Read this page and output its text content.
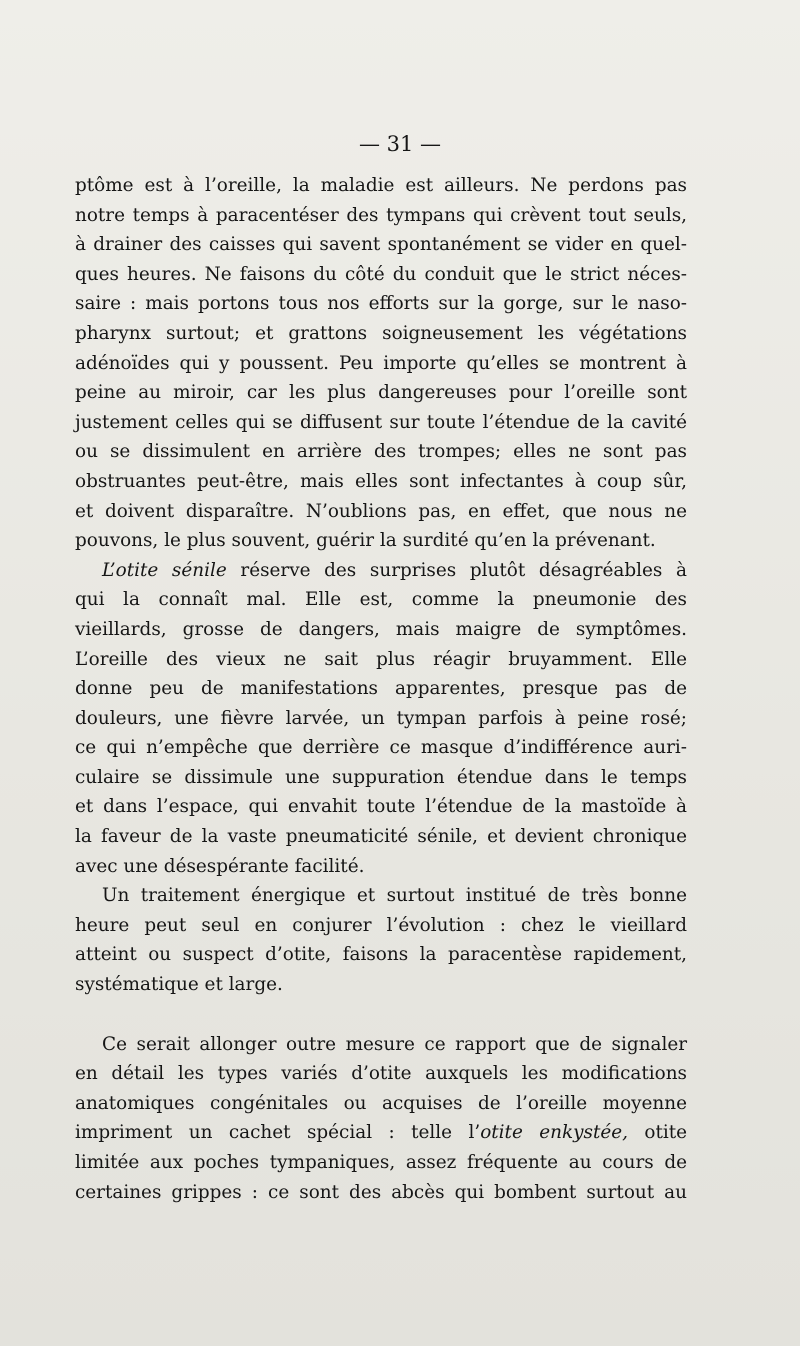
— 31 —
ptôme est à l’oreille, la maladie est ailleurs. Ne perdons pas
notre temps à paracentéser des tympans qui crèvent tout seuls,
à drainer des caisses qui savent spontanément se vider en quel-
ques heures. Ne faisons du côté du conduit que le strict néces-
saire : mais portons tous nos efforts sur la gorge, sur le naso-
pharynx surtout; et grattons soigneusement les végétations
adénoïdes qui y poussent. Peu importe qu’elles se montrent à
peine au miroir, car les plus dangereuses pour l’oreille sont
justement celles qui se diffusent sur toute l’étendue de la cavité
ou se dissimulent en arrière des trompes; elles ne sont pas
obstruantes peut-être, mais elles sont infectantes à coup sûr,
et doivent disparaître. N’oublions pas, en effet, que nous ne
pouvons, le plus souvent, guérir la surdité qu’en la prévenant.
L’otite sénile réserve des surprises plutôt désagréables à
qui la connaît mal. Elle est, comme la pneumonie des
vieillards, grosse de dangers, mais maigre de symptômes.
L’oreille des vieux ne sait plus réagir bruyamment. Elle
donne peu de manifestations apparentes, presque pas de
douleurs, une fièvre larvée, un tympan parfois à peine rosé;
ce qui n’empêche que derrière ce masque d’indifférence auri-
culaire se dissimule une suppuration étendue dans le temps
et dans l’espace, qui envahit toute l’étendue de la mastoïde à
la faveur de la vaste pneumaticité sénile, et devient chronique
avec une désespérante facilité.
Un traitement énergique et surtout institué de très bonne
heure peut seul en conjurer l’évolution : chez le vieillard
atteint ou suspect d’otite, faisons la paracentèse rapidement,
systématique et large.
Ce serait allonger outre mesure ce rapport que de signaler
en détail les types variés d’otite auxquels les modifications
anatomiques congénitales ou acquises de l’oreille moyenne
impriment un cachet spécial : telle l’otite enkystée, otite
limitée aux poches tympaniques, assez fréquente au cours de
certaines grippes : ce sont des abcès qui bombent surtout au
